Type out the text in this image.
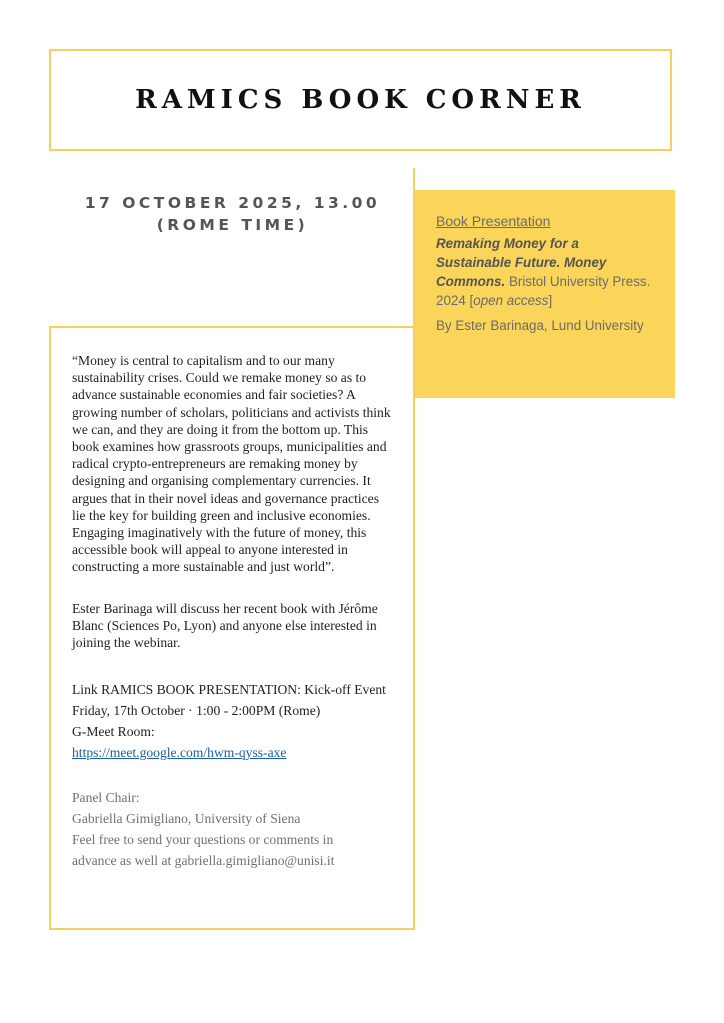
RAMICS BOOK CORNER
17 OCTOBER 2025, 13.00
(ROME TIME)	Book Presentation
Remaking Money for a Sustainable Future. Money Commons. Bristol University Press. 2024 [open access]
By Ester Barinaga, Lund University

“Money is central to capitalism and to our many sustainability crises. Could we remake money so as to advance sustainable economies and fair societies? A growing number of scholars, politicians and activists think we can, and they are doing it from the bottom up. This book examines how grassroots groups, municipalities and radical crypto-entrepreneurs are remaking money by designing and organising complementary currencies. It argues that in their novel ideas and governance practices lie the key for building green and inclusive economies. Engaging imaginatively with the future of money, this accessible book will appeal to anyone interested in constructing a more sustainable and just world”.

Ester Barinaga will discuss her recent book with Jérôme Blanc (Sciences Po, Lyon) and anyone else interested in joining the webinar.

Link RAMICS BOOK PRESENTATION: Kick-off Event
Friday, 17th October · 1:00 - 2:00PM (Rome)
G-Meet Room:
https://meet.google.com/hwm-qyss-axe
Panel Chair:
Gabriella Gimigliano, University of Siena
Feel free to send your questions or comments in
advance as well at gabriella.gimigliano@unisi.it
